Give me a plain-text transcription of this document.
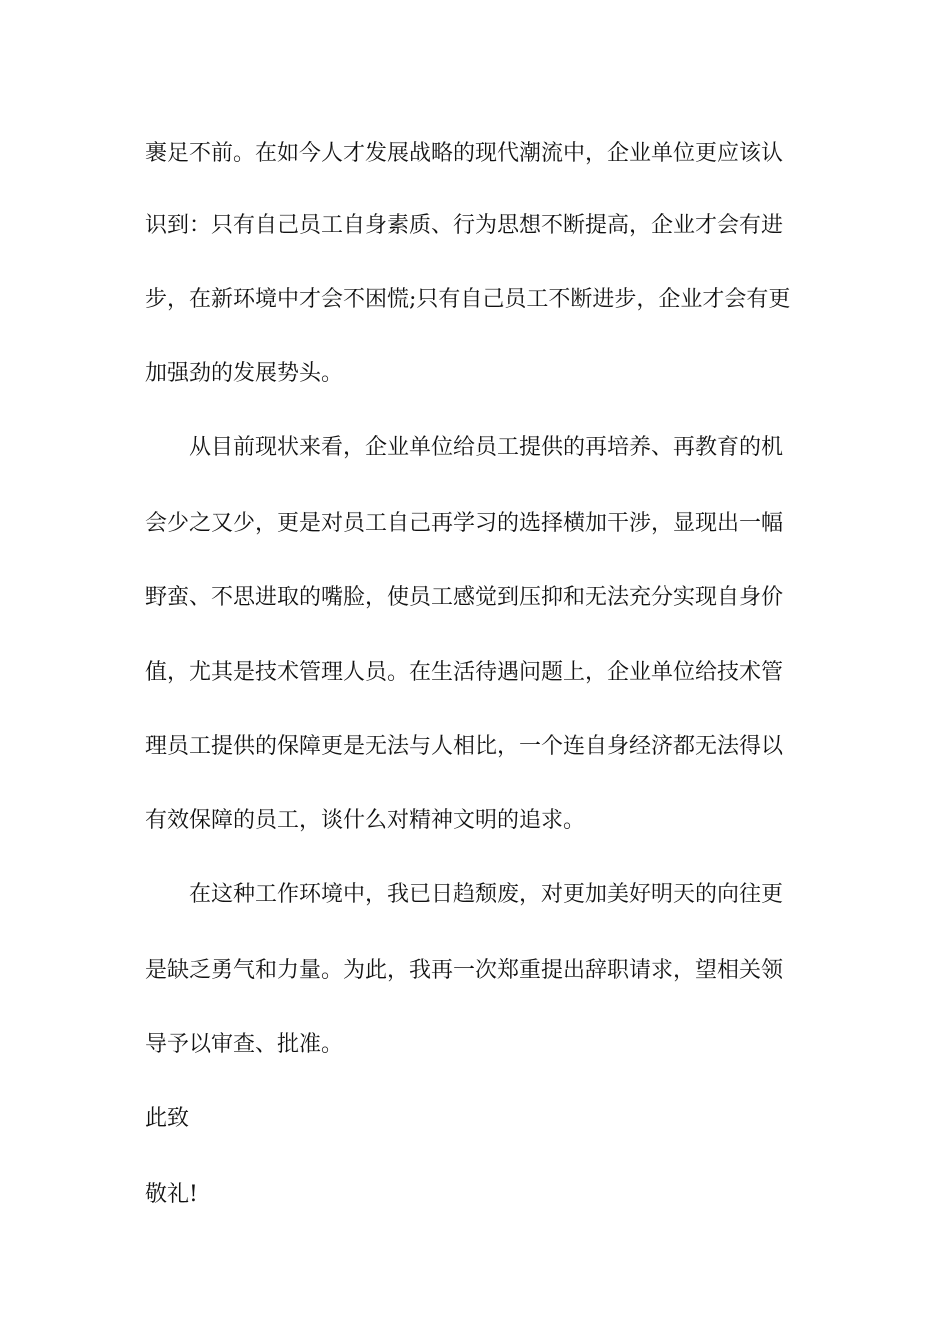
裹足不前。在如今人才发展战略的现代潮流中，企业单位更应该认
识到：只有自己员工自身素质、行为思想不断提高，企业才会有进
步，在新环境中才会不困慌;只有自己员工不断进步，企业才会有更
加强劲的发展势头。
从目前现状来看，企业单位给员工提供的再培养、再教育的机
会少之又少，更是对员工自己再学习的选择横加干涉，显现出一幅
野蛮、不思进取的嘴脸，使员工感觉到压抑和无法充分实现自身价
值，尤其是技术管理人员。在生活待遇问题上，企业单位给技术管
理员工提供的保障更是无法与人相比，一个连自身经济都无法得以
有效保障的员工，谈什么对精神文明的追求。
在这种工作环境中，我已日趋颓废，对更加美好明天的向往更
是缺乏勇气和力量。为此，我再一次郑重提出辞职请求，望相关领
导予以审查、批准。
此致
敬礼!
